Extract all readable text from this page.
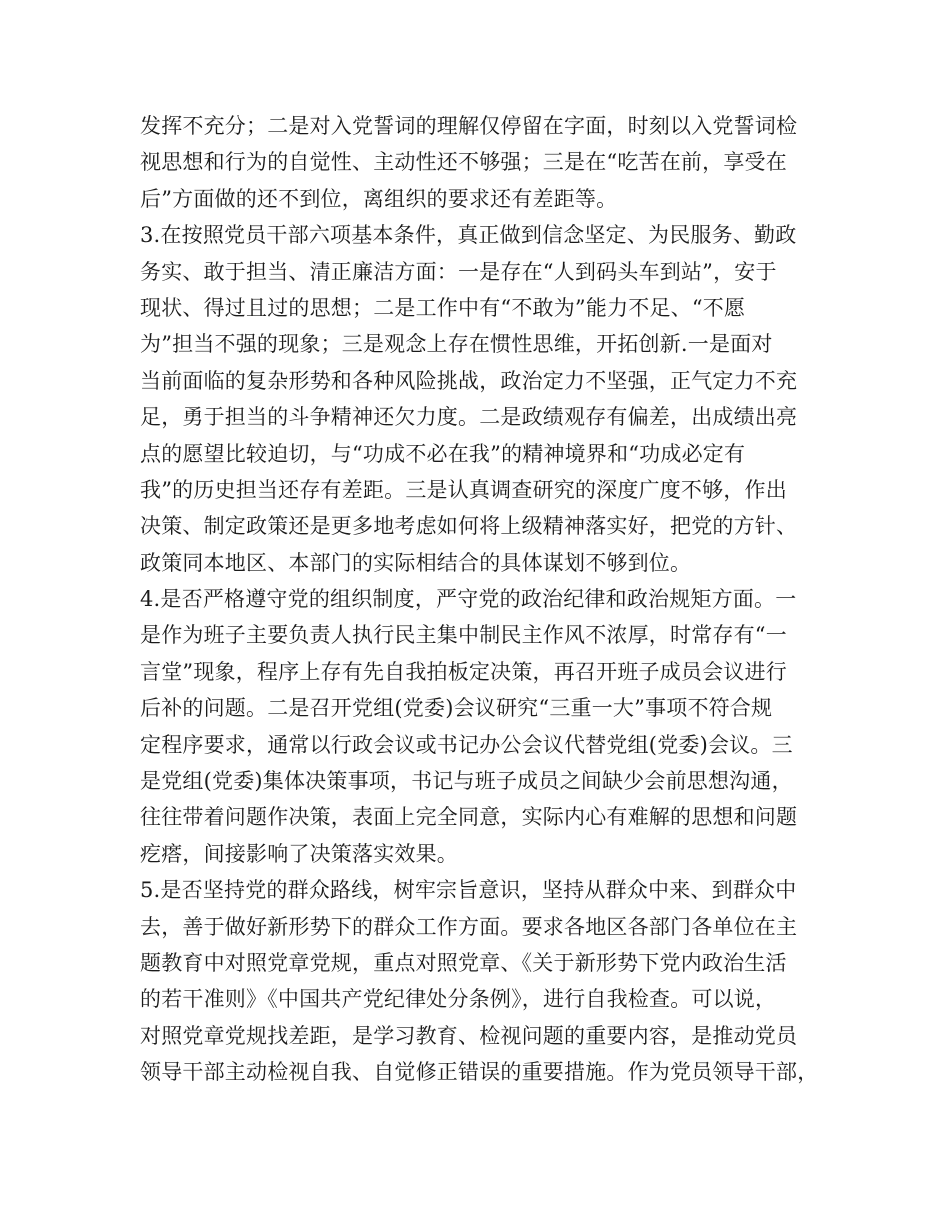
发挥不充分；二是对入党誓词的理解仅停留在字面，时刻以入党誓词检
视思想和行为的自觉性、主动性还不够强；三是在“吃苦在前，享受在
后”方面做的还不到位，离组织的要求还有差距等。
3.在按照党员干部六项基本条件，真正做到信念坚定、为民服务、勤政
务实、敢于担当、清正廉洁方面：一是存在“人到码头车到站”，安于
现状、得过且过的思想；二是工作中有“不敢为”能力不足、“不愿
为”担当不强的现象；三是观念上存在惯性思维，开拓创新.一是面对
当前面临的复杂形势和各种风险挑战，政治定力不坚强，正气定力不充
足，勇于担当的斗争精神还欠力度。二是政绩观存有偏差，出成绩出亮
点的愿望比较迫切，与“功成不必在我”的精神境界和“功成必定有
我”的历史担当还存有差距。三是认真调查研究的深度广度不够，作出
决策、制定政策还是更多地考虑如何将上级精神落实好，把党的方针、
政策同本地区、本部门的实际相结合的具体谋划不够到位。
4.是否严格遵守党的组织制度，严守党的政治纪律和政治规矩方面。一
是作为班子主要负责人执行民主集中制民主作风不浓厚，时常存有“一
言堂”现象，程序上存有先自我拍板定决策，再召开班子成员会议进行
后补的问题。二是召开党组(党委)会议研究“三重一大”事项不符合规
定程序要求，通常以行政会议或书记办公会议代替党组(党委)会议。三
是党组(党委)集体决策事项，书记与班子成员之间缺少会前思想沟通，
往往带着问题作决策，表面上完全同意，实际内心有难解的思想和问题
疙瘩，间接影响了决策落实效果。
5.是否坚持党的群众路线，树牢宗旨意识，坚持从群众中来、到群众中
去，善于做好新形势下的群众工作方面。要求各地区各部门各单位在主
题教育中对照党章党规，重点对照党章、《关于新形势下党内政治生活
的若干准则》《中国共产党纪律处分条例》，进行自我检查。可以说，
对照党章党规找差距，是学习教育、检视问题的重要内容，是推动党员
领导干部主动检视自我、自觉修正错误的重要措施。作为党员领导干部，
